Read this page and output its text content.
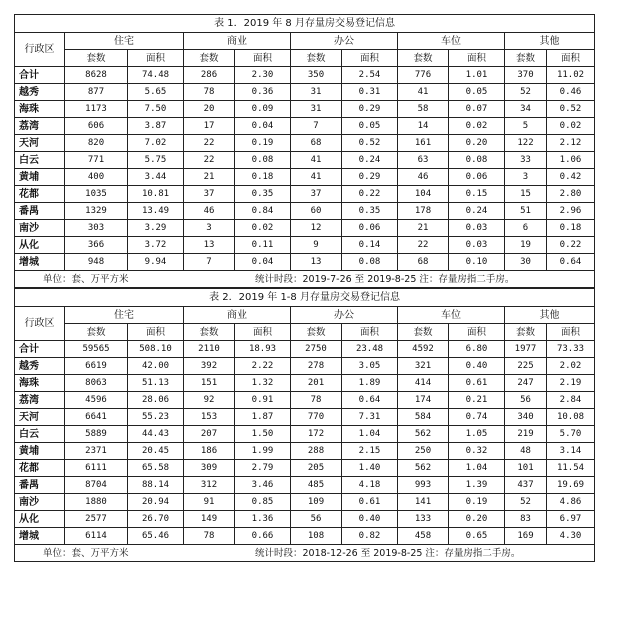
表 1．2019 年 8 月存量房交易登记信息										
行政区	住宅		商业		办公		车位		其他	
	套数	面积	套数	面积	套数	面积	套数	面积	套数	面积
合计	8628	74.48	286	2.30	350	2.54	776	1.01	370	11.02
越秀	877	5.65	78	0.36	31	0.31	41	0.05	52	0.46
海珠	1173	7.50	20	0.09	31	0.29	58	0.07	34	0.52
荔湾	606	3.87	17	0.04	7	0.05	14	0.02	5	0.02
天河	820	7.02	22	0.19	68	0.52	161	0.20	122	2.12
白云	771	5.75	22	0.08	41	0.24	63	0.08	33	1.06
黄埔	400	3.44	21	0.18	41	0.29	46	0.06	3	0.42
花都	1035	10.81	37	0.35	37	0.22	104	0.15	15	2.80
番禺	1329	13.49	46	0.84	60	0.35	178	0.24	51	2.96
南沙	303	3.29	3	0.02	12	0.06	21	0.03	6	0.18
从化	366	3.72	13	0.11	9	0.14	22	0.03	19	0.22
增城	948	9.94	7	0.04	13	0.08	68	0.10	30	0.64
单位：套、万平方米 统计时段：2019-7-26 至 2019-8-25 注：存量房指二手房。										
表 2．2019 年 1-8 月存量房交易登记信息										
行政区	住宅		商业		办公		车位		其他	
	套数	面积	套数	面积	套数	面积	套数	面积	套数	面积
合计	59565	508.10	2110	18.93	2750	23.48	4592	6.80	1977	73.33
越秀	6619	42.00	392	2.22	278	3.05	321	0.40	225	2.02
海珠	8063	51.13	151	1.32	201	1.89	414	0.61	247	2.19
荔湾	4596	28.06	92	0.91	78	0.64	174	0.21	56	2.84
天河	6641	55.23	153	1.87	770	7.31	584	0.74	340	10.08
白云	5889	44.43	207	1.50	172	1.04	562	1.05	219	5.70
黄埔	2371	20.45	186	1.99	288	2.15	250	0.32	48	3.14
花都	6111	65.58	309	2.79	205	1.40	562	1.04	101	11.54
番禺	8704	88.14	312	3.46	485	4.18	993	1.39	437	19.69
南沙	1880	20.94	91	0.85	109	0.61	141	0.19	52	4.86
从化	2577	26.70	149	1.36	56	0.40	133	0.20	83	6.97
增城	6114	65.46	78	0.66	108	0.82	458	0.65	169	4.30
单位：套、万平方米 统计时段：2018-12-26 至 2019-8-25 注：存量房指二手房。										
